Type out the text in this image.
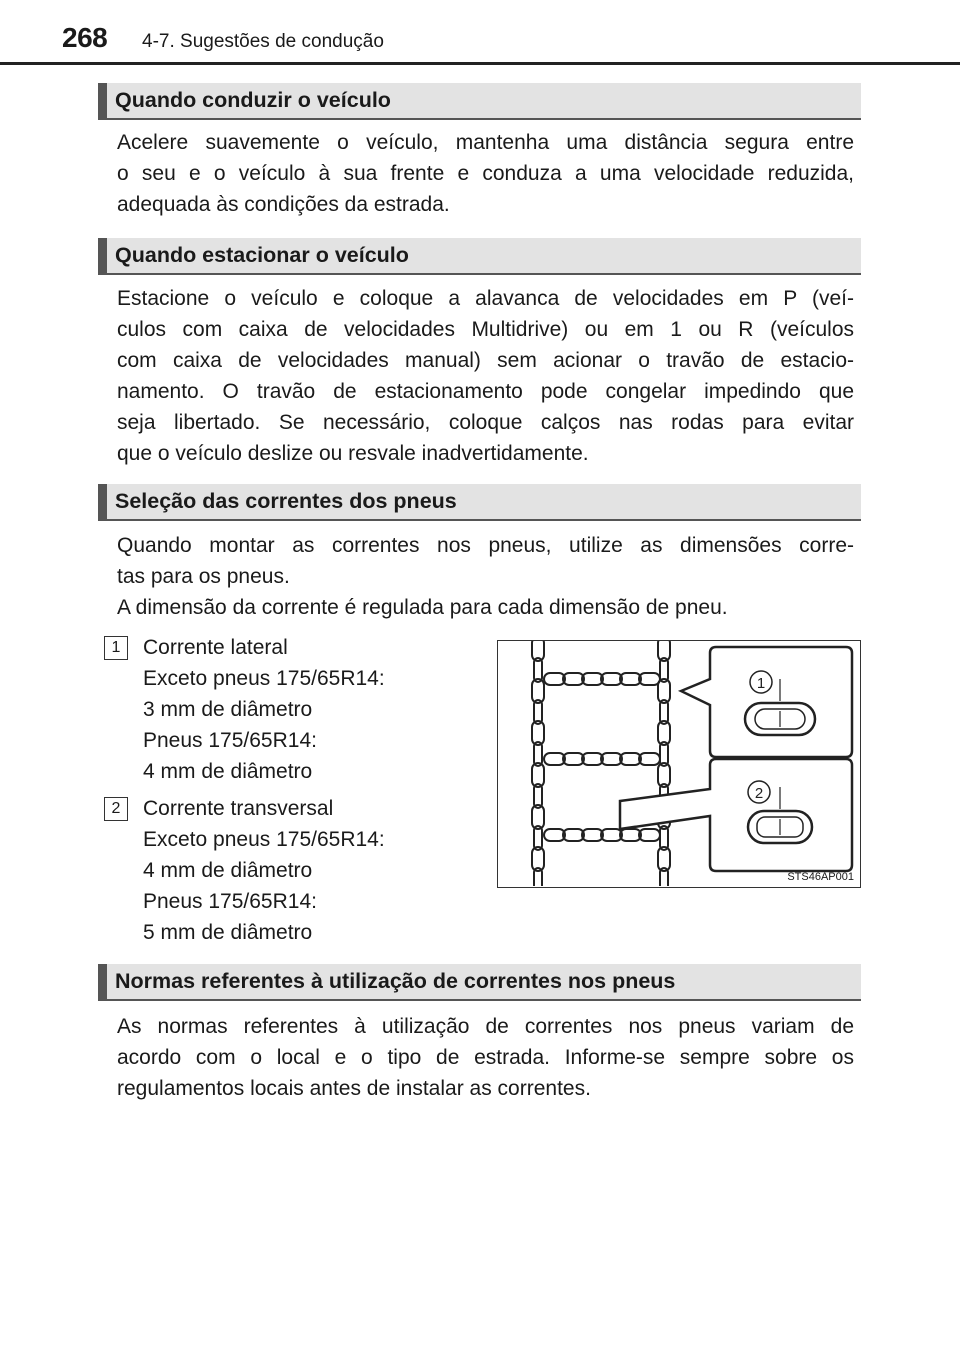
268 4-7. Sugestões de condução
Quando conduzir o veículo
Acelere suavemente o veículo, mantenha uma distância segura entre
o seu e o veículo à sua frente e conduza a uma velocidade reduzida,
adequada às condições da estrada.
Quando estacionar o veículo
Estacione o veículo e coloque a alavanca de velocidades em P (veí-
culos com caixa de velocidades Multidrive) ou em 1 ou R (veículos
com caixa de velocidades manual) sem acionar o travão de estacio-
namento. O travão de estacionamento pode congelar impedindo que
seja libertado. Se necessário, coloque calços nas rodas para evitar
que o veículo deslize ou resvale inadvertidamente.
Seleção das correntes dos pneus
Quando montar as correntes nos pneus, utilize as dimensões corre-
tas para os pneus.
A dimensão da corrente é regulada para cada dimensão de pneu.
1	Corrente lateral
Exceto pneus 175/65R14:
3 mm de diâmetro
Pneus 175/65R14:
4 mm de diâmetro
2	Corrente transversal
Exceto pneus 175/65R14:
4 mm de diâmetro
Pneus 175/65R14:
5 mm de diâmetro
1
2
STS46AP001
Normas referentes à utilização de correntes nos pneus
As normas referentes à utilização de correntes nos pneus variam de
acordo com o local e o tipo de estrada. Informe-se sempre sobre os
regulamentos locais antes de instalar as correntes.
